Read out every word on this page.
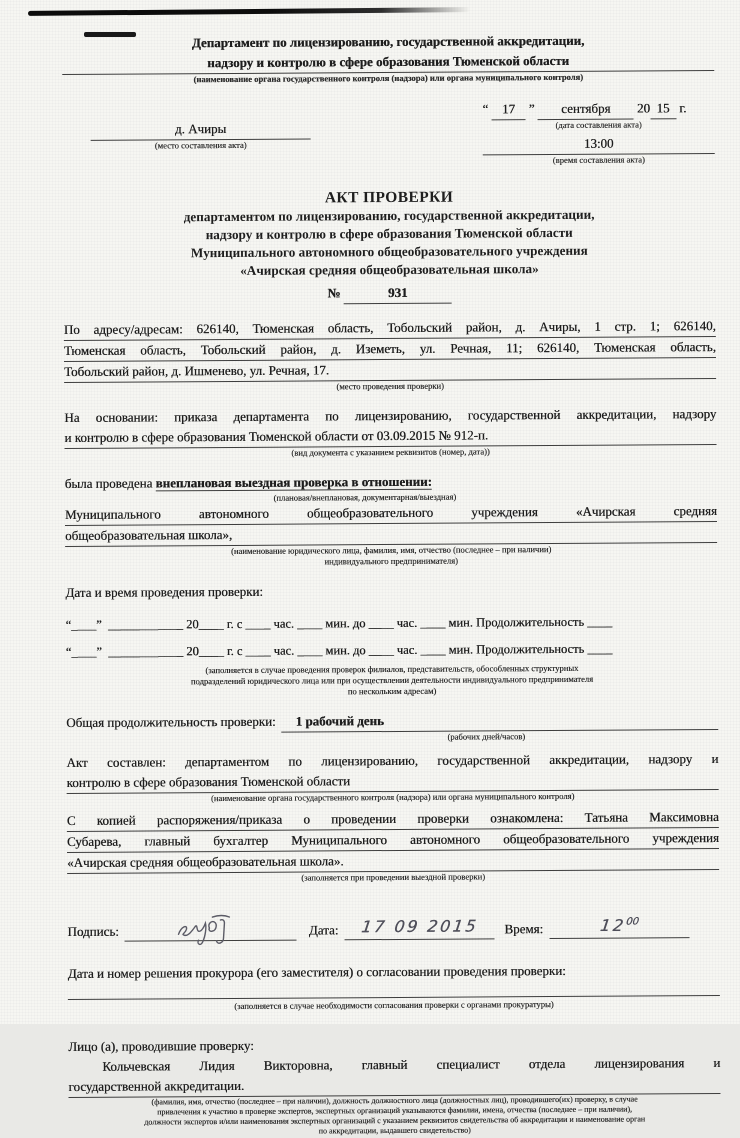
Департамент по лицензированию, государственной аккредитации,
надзору и контролю в сфере образования Тюменской области
(наименование органа государственного контроля (надзора) или органа муниципального контроля)
д. Ачиры
(место составления акта)
“ 17 ” сентября 20 15 г.
(дата составления акта)
13:00
(время составления акта)
АКТ ПРОВЕРКИ
департаментом по лицензированию, государственной аккредитации,
надзору и контролю в сфере образования Тюменской области
Муниципального автономного общеобразовательного учреждения
«Ачирская средняя общеобразовательная школа»
№	931
По адресу/адресам: 626140, Тюменская область, Тобольский район, д. Ачиры, 1 стр. 1; 626140,
Тюменская область, Тобольский район, д. Иземеть, ул. Речная, 11; 626140, Тюменская область,
Тобольский район, д. Ишменево, ул. Речная, 17.
(место проведения проверки)
На основании: приказа департамента по лицензированию, государственной аккредитации, надзору
и контролю в сфере образования Тюменской области от 03.09.2015 № 912-п.
(вид документа с указанием реквизитов (номер, дата))
была проведена внеплановая выездная проверка в отношении:
(плановая/внеплановая, документарная/выездная)
Муниципального автономного общеобразовательного учреждения «Ачирская средняя
общеобразовательная школа»,
(наименование юридического лица, фамилия, имя, отчество (последнее – при наличии)
индивидуального предпринимателя)
Дата и время проведения проверки:
“____”  ____________ 20____ г. с ____ час. ____ мин. до ____ час. ____ мин. Продолжительность ____
“____”  ____________ 20____ г. с ____ час. ____ мин. до ____ час. ____ мин. Продолжительность ____
(заполняется в случае проведения проверок филиалов, представительств, обособленных структурных
подразделений юридического лица или при осуществлении деятельности индивидуального предпринимателя
по нескольким адресам)
Общая продолжительность проверки:	1 рабочий день
(рабочих дней/часов)
Акт составлен: департаментом по лицензированию, государственной аккредитации, надзору и
контролю в сфере образования Тюменской области
(наименование органа государственного контроля (надзора) или органа муниципального контроля)
С копией распоряжения/приказа о проведении проверки ознакомлена: Татьяна Максимовна
Субарева, главный бухгалтер Муниципального автономного общеобразовательного учреждения
«Ачирская средняя общеобразовательная школа».
(заполняется при проведении выездной проверки)
Подпись:	Дата:	17 09 2015	Время:	$12^{00}$
Дата и номер решения прокурора (его заместителя) о согласовании проведения проверки:
(заполняется в случае необходимости согласования проверки с органами прокуратуры)
Лицо (а), проводившие проверку:
Кольчевская Лидия Викторовна, главный специалист отдела лицензирования и
государственной аккредитации.
(фамилия, имя, отчество (последнее – при наличии), должность должностного лица (должностных лиц), проводившего(их) проверку, в случае
привлечения к участию в проверке экспертов, экспертных организаций указываются фамилии, имена, отчества (последнее – при наличии),
должности экспертов и/или наименования экспертных организаций с указанием реквизитов свидетельства об аккредитации и наименование орган
по аккредитации, выдавшего свидетельство)
